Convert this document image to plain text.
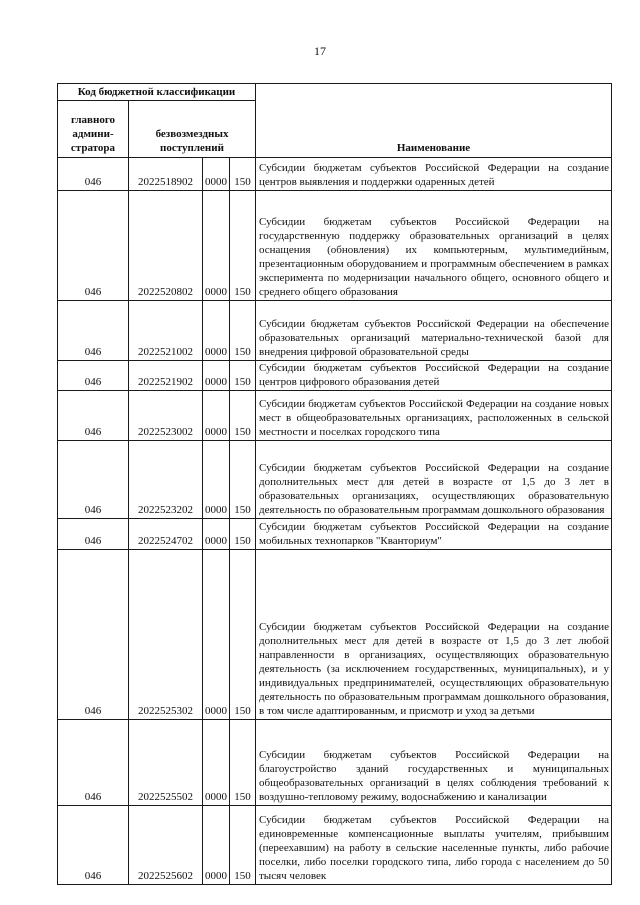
17
Код бюджетной классификации				
главного админи-стратора	безвозмездных поступлений			Наименование
046	2022518902	0000	150	Субсидии бюджетам субъектов Российской Федерации на создание центров выявления и поддержки одаренных детей
046	2022520802	0000	150	Субсидии бюджетам субъектов Российской Федерации на государственную поддержку образовательных организаций в целях оснащения (обновления) их компьютерным, мультимедийным, презентационным оборудованием и программным обеспечением в рамках эксперимента по модернизации начального общего, основного общего и среднего общего образования
046	2022521002	0000	150	Субсидии бюджетам субъектов Российской Федерации на обеспечение образовательных организаций материально-технической базой для внедрения цифровой образовательной среды
046	2022521902	0000	150	Субсидии бюджетам субъектов Российской Федерации на создание центров цифрового образования детей
046	2022523002	0000	150	Субсидии бюджетам субъектов Российской Федерации на создание новых мест в общеобразовательных организациях, расположенных в сельской местности и поселках городского типа
046	2022523202	0000	150	Субсидии бюджетам субъектов Российской Федерации на создание дополнительных мест для детей в возрасте от 1,5 до 3 лет в образовательных организациях, осуществляющих образовательную деятельность по образовательным программам дошкольного образования
046	2022524702	0000	150	Субсидии бюджетам субъектов Российской Федерации на создание мобильных технопарков "Кванториум"
046	2022525302	0000	150	Субсидии бюджетам субъектов Российской Федерации на создание дополнительных мест для детей в возрасте от 1,5 до 3 лет любой направленности в организациях, осуществляющих образовательную деятельность (за исключением государственных, муниципальных), и у индивидуальных предпринимателей, осуществляющих образовательную деятельность по образовательным программам дошкольного образования, в том числе адаптированным, и присмотр и уход за детьми
046	2022525502	0000	150	Субсидии бюджетам субъектов Российской Федерации на благоустройство зданий государственных и муниципальных общеобразовательных организаций в целях соблюдения требований к воздушно-тепловому режиму, водоснабжению и канализации
046	2022525602	0000	150	Субсидии бюджетам субъектов Российской Федерации на единовременные компенсационные выплаты учителям, прибывшим (переехавшим) на работу в сельские населенные пункты, либо рабочие поселки, либо поселки городского типа, либо города с населением до 50 тысяч человек
